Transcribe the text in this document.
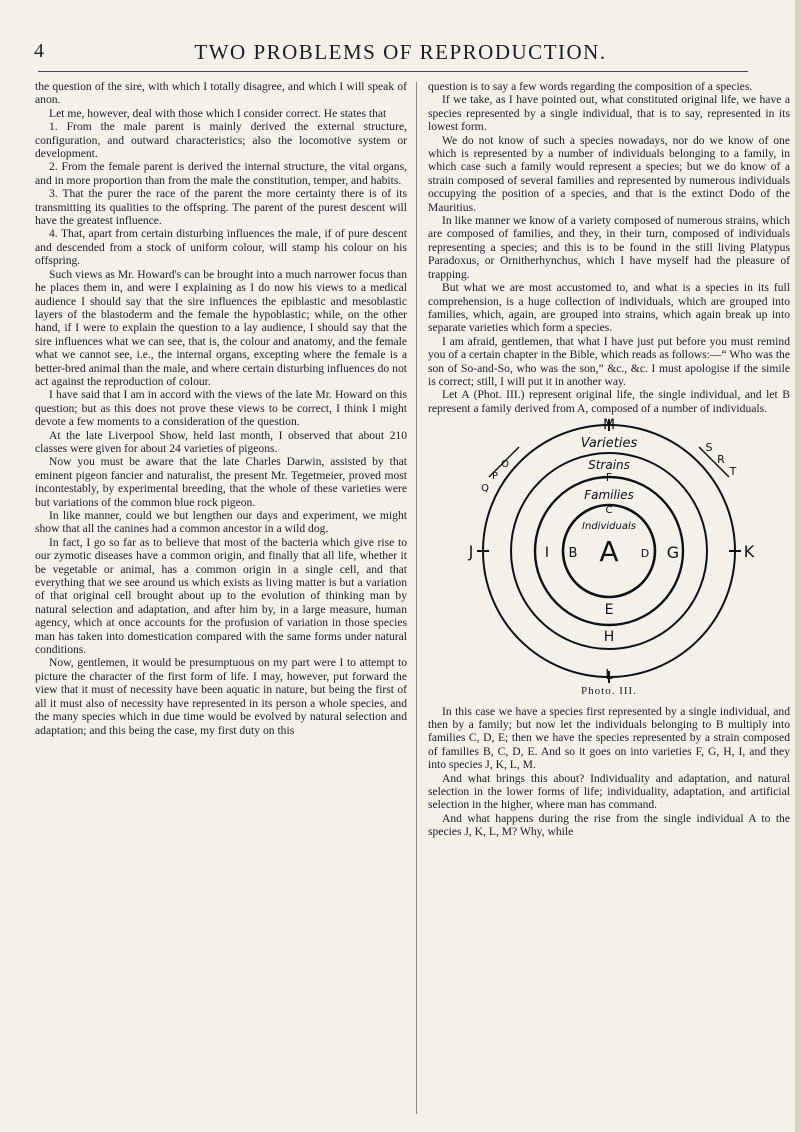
4	TWO PROBLEMS OF REPRODUCTION.

the question of the sire, with which I totally disagree, and which I will speak of anon.

Let me, however, deal with those which I consider correct. He states that

1. From the male parent is mainly derived the external structure, configuration, and outward characteristics; also the locomotive system or development.

2. From the female parent is derived the internal structure, the vital organs, and in more proportion than from the male the constitution, temper, and habits.

3. That the purer the race of the parent the more certainty there is of its transmitting its qualities to the offspring. The parent of the purest descent will have the greatest influence.

4. That, apart from certain disturbing influences the male, if of pure descent and descended from a stock of uniform colour, will stamp his colour on his offspring.

Such views as Mr. Howard's can be brought into a much narrower focus than he places them in, and were I explaining as I do now his views to a medical audience I should say that the sire influences the epiblastic and mesoblastic layers of the blastoderm and the female the hypoblastic; while, on the other hand, if I were to explain the question to a lay audience, I should say that the sire influences what we can see, that is, the colour and anatomy, and the female what we cannot see, i.e., the internal organs, excepting where the female is a better-bred animal than the male, and where certain disturbing influences do not act against the reproduction of colour.

I have said that I am in accord with the views of the late Mr. Howard on this question; but as this does not prove these views to be correct, I think I might devote a few moments to a consideration of the question.

At the late Liverpool Show, held last month, I observed that about 210 classes were given for about 24 varieties of pigeons.

Now you must be aware that the late Charles Darwin, assisted by that eminent pigeon fancier and naturalist, the present Mr. Tegetmeier, proved most incontestably, by experimental breeding, that the whole of these varieties were but variations of the common blue rock pigeon.

In like manner, could we but lengthen our days and experiment, we might show that all the canines had a common ancestor in a wild dog.

In fact, I go so far as to believe that most of the bacteria which give rise to our zymotic diseases have a common origin, and finally that all life, whether it be vegetable or animal, has a common origin in a single cell, and that everything that we see around us which exists as living matter is but a variation of that original cell brought about up to the evolution of thinking man by natural selection and adaptation, and after him by, in a large measure, human agency, which at once accounts for the profusion of variation in those species man has taken into domestication compared with the same forms under natural conditions.

Now, gentlemen, it would be presumptuous on my part were I to attempt to picture the character of the first form of life. I may, however, put forward the view that it must of necessity have been aquatic in nature, but being the first of all it must also of necessity have represented in its person a whole species, and the many species which in due time would be evolved by natural selection and adaptation; and this being the case, my first duty on this

question is to say a few words regarding the composition of a species.

If we take, as I have pointed out, what constituted original life, we have a species represented by a single individual, that is to say, represented in its lowest form.

We do not know of such a species nowadays, nor do we know of one which is represented by a number of individuals belonging to a family, in which case such a family would represent a species; but we do know of a strain composed of several families and represented by numerous individuals occupying the position of a species, and that is the extinct Dodo of the Mauritius.

In like manner we know of a variety composed of numerous strains, which are composed of families, and they, in their turn, composed of individuals representing a species; and this is to be found in the still living Platypus Paradoxus, or Ornitherhynchus, which I have myself had the pleasure of trapping.

But what we are most accustomed to, and what is a species in its full comprehension, is a huge collection of individuals, which are grouped into families, which, again, are grouped into strains, which again break up into separate varieties which form a species.

I am afraid, gentlemen, that what I have just put before you must remind you of a certain chapter in the Bible, which reads as follows:—“ Who was the son of So-and-So, who was the son,” &c., &c. I must apologise if the simile is correct; still, I will put it in another way.

Let A (Phot. III.) represent original life, the single individual, and let B represent a family derived from A, composed of a number of individuals.

Varieties
Strains
Families
Individuals
A
B	D
C
E
I	G
F
H
M
L
J	K
O
P
Q
S
R
T
Photo. III.

In this case we have a species first represented by a single individual, and then by a family; but now let the individuals belonging to B multiply into families C, D, E; then we have the species represented by a strain composed of families B, C, D, E. And so it goes on into varieties F, G, H, I, and they into species J, K, L, M.

And what brings this about? Individuality and adaptation, and natural selection in the lower forms of life; individuality, adaptation, and artificial selection in the higher, where man has command.

And what happens during the rise from the single individual A to the species J, K, L, M? Why, while
